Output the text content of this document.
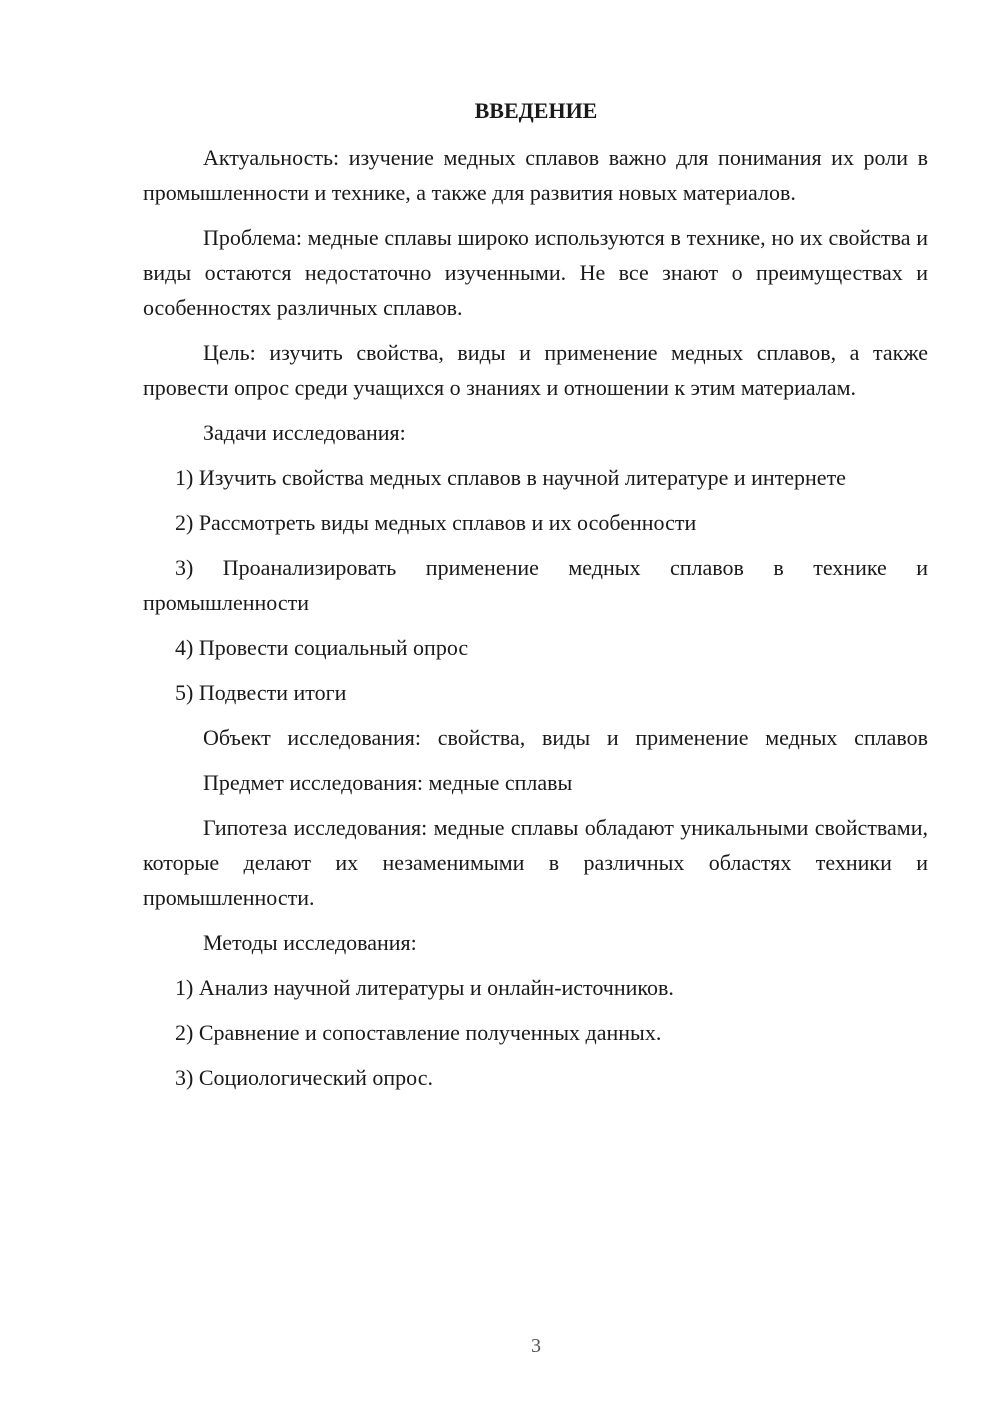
ВВЕДЕНИЕ

Актуальность: изучение медных сплавов важно для понимания их роли в промышленности и технике, а также для развития новых материалов.

Проблема: медные сплавы широко используются в технике, но их свойства и виды остаются недостаточно изученными. Не все знают о преимуществах и особенностях различных сплавов.

Цель: изучить свойства, виды и применение медных сплавов, а также провести опрос среди учащихся о знаниях и отношении к этим материалам.

Задачи исследования:

1) Изучить свойства медных сплавов в научной литературе и интернете

2) Рассмотреть виды медных сплавов и их особенности

3) Проанализировать применение медных сплавов в технике и промышленности

4) Провести социальный опрос

5) Подвести итоги

Объект исследования: свойства, виды и применение медных сплавов

Предмет исследования: медные сплавы

Гипотеза исследования: медные сплавы обладают уникальными свойствами, которые делают их незаменимыми в различных областях техники и промышленности.

Методы исследования:

1) Анализ научной литературы и онлайн-источников.

2) Сравнение и сопоставление полученных данных.

3) Социологический опрос.

3
